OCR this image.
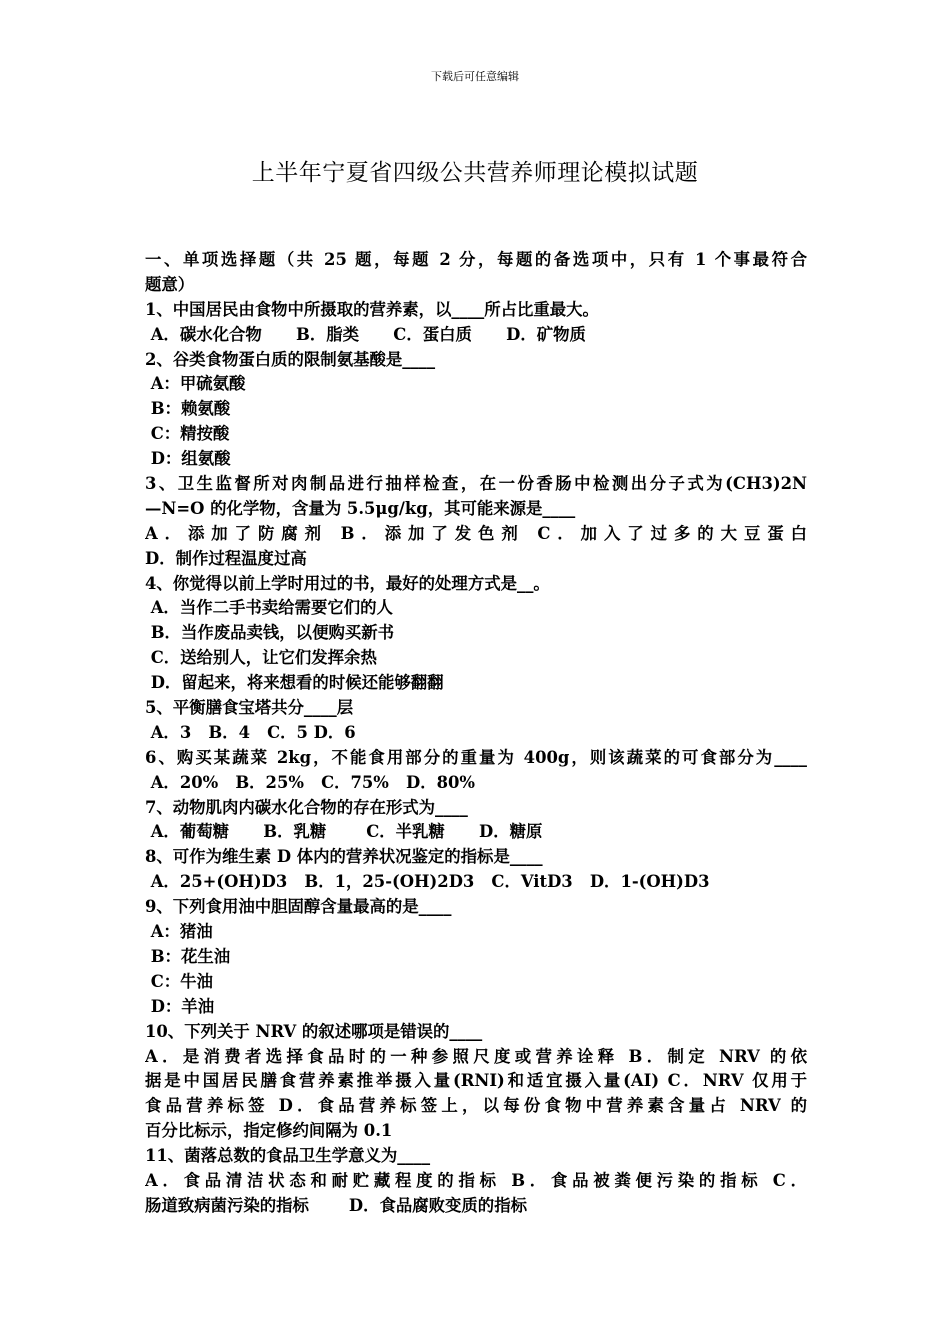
下载后可任意编辑
上半年宁夏省四级公共营养师理论模拟试题
一、单项选择题（共 25 题，每题 2 分，每题的备选项中，只有 1 个事最符合
题意）
1、中国居民由食物中所摄取的营养素，以____所占比重最大。
A．碳水化合物      B．脂类      C．蛋白质      D．矿物质
2、谷类食物蛋白质的限制氨基酸是____
A：甲硫氨酸
B：赖氨酸
C：精按酸
D：组氨酸
3、卫生监督所对肉制品进行抽样检查，在一份香肠中检测出分子式为(CH3)2N
—N=O 的化学物，含量为 5.5μg/kg，其可能来源是____
A．添加了防腐剂 B．添加了发色剂 C．加入了过多的大豆蛋白
D．制作过程温度过高
4、你觉得以前上学时用过的书，最好的处理方式是__。
A．当作二手书卖给需要它们的人
B．当作废品卖钱，以便购买新书
C．送给别人，让它们发挥余热
D．留起来，将来想看的时候还能够翻翻
5、平衡膳食宝塔共分____层
A．3   B．4   C．5 D．6
6、购买某蔬菜 2kg，不能食用部分的重量为 400g，则该蔬菜的可食部分为____
A．20%   B．25%   C．75%   D．80%
7、动物肌肉内碳水化合物的存在形式为____
A．葡萄糖      B．乳糖       C．半乳糖      D．糖原
8、可作为维生素 D 体内的营养状况鉴定的指标是____
A．25+(OH)D3   B．1，25-(OH)2D3   C．VitD3   D．1-(OH)D3
9、下列食用油中胆固醇含量最高的是____
A：猪油
B：花生油
C：牛油
D：羊油
10、下列关于 NRV 的叙述哪项是错误的____
A．是消费者选择食品时的一种参照尺度或营养诠释 B．制定 NRV 的依
据是中国居民膳食营养素推举摄入量(RNI)和适宜摄入量(AI) C．NRV 仅用于
食品营养标签 D．食品营养标签上，以每份食物中营养素含量占 NRV 的
百分比标示，指定修约间隔为 0.1
11、菌落总数的食品卫生学意义为____
A．食品清洁状态和耐贮藏程度的指标 B．食品被粪便污染的指标 C．
肠道致病菌污染的指标       D．食品腐败变质的指标
